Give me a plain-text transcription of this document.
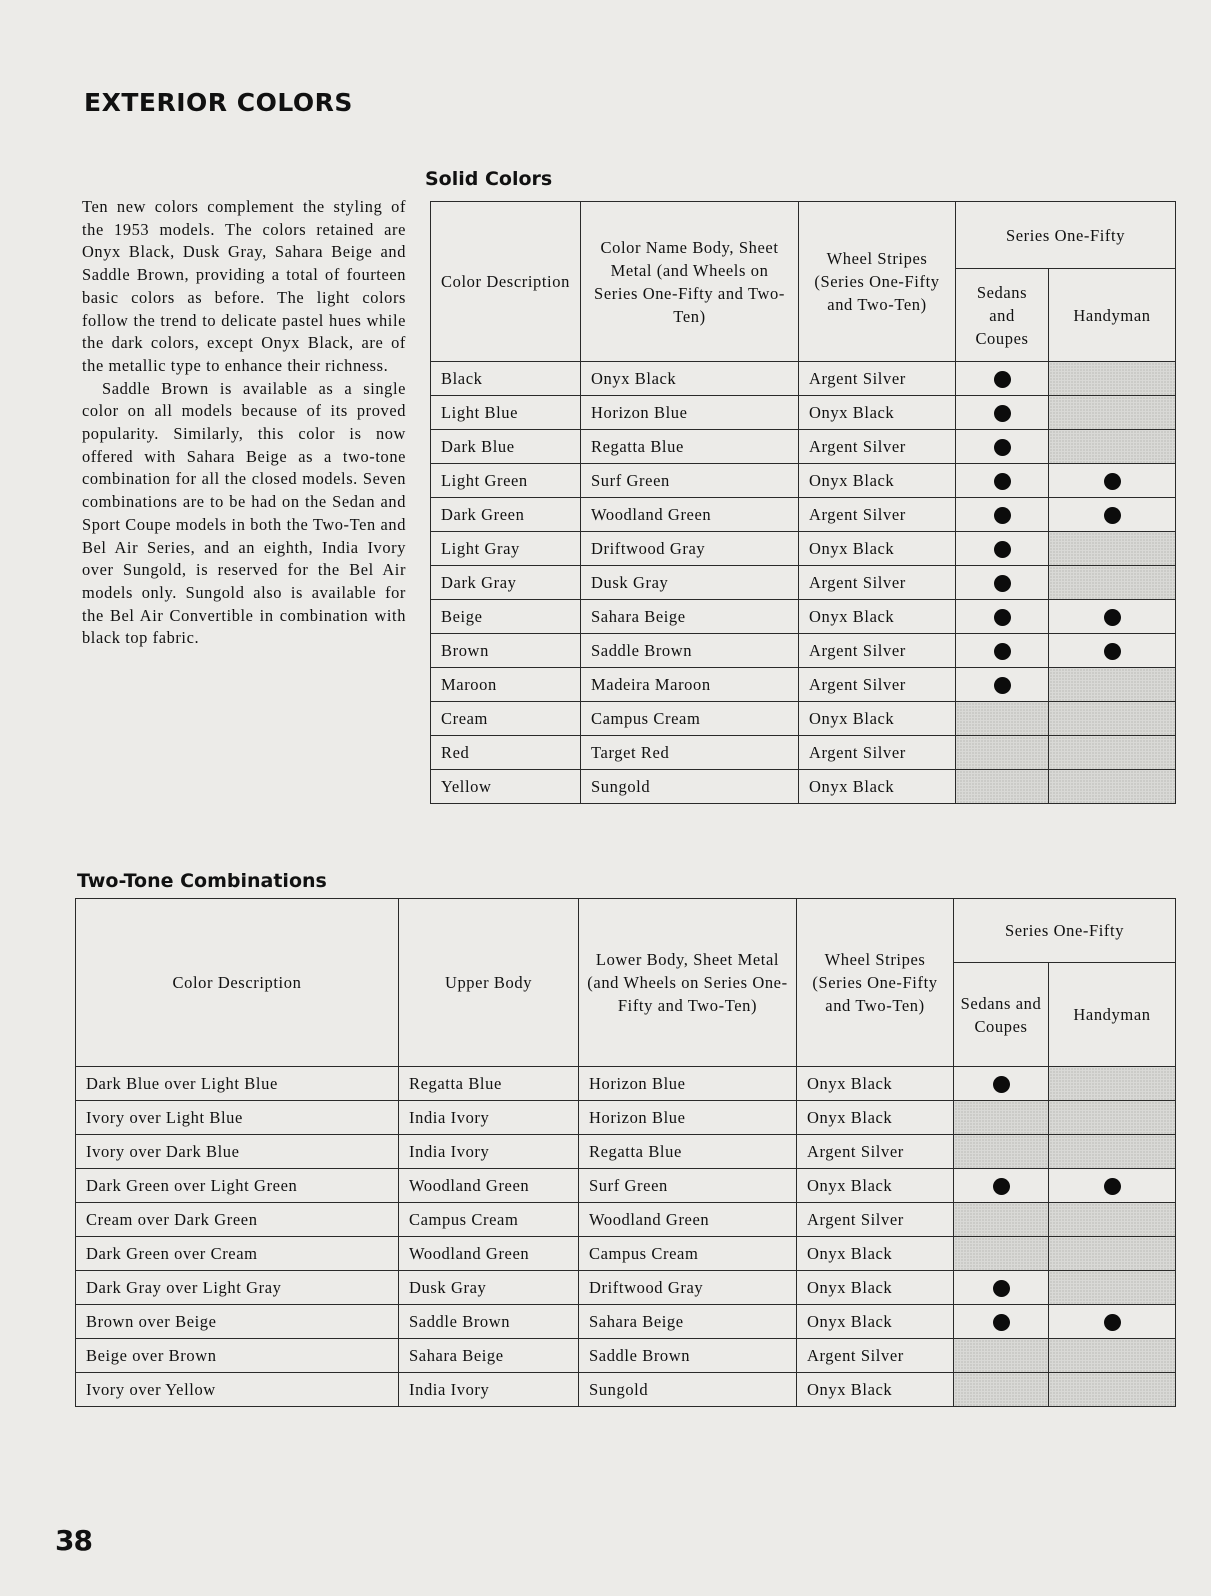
EXTERIOR COLORS

Ten new colors complement the styling of the 1953 models. The colors retained are Onyx Black, Dusk Gray, Sahara Beige and Saddle Brown, providing a total of fourteen basic colors as before. The light colors follow the trend to delicate pastel hues while the dark colors, except Onyx Black, are of the metallic type to enhance their richness.

Saddle Brown is available as a single color on all models because of its proved popularity. Similarly, this color is now offered with Sahara Beige as a two-tone combination for all the closed models. Seven combinations are to be had on the Sedan and Sport Coupe models in both the Two-Ten and Bel Air Series, and an eighth, India Ivory over Sungold, is reserved for the Bel Air models only. Sungold also is available for the Bel Air Convertible in combination with black top fabric.

Solid Colors
Color Description	Color Name Body, Sheet Metal (and Wheels on Series One-Fifty and Two-Ten)	Wheel Stripes (Series One-Fifty and Two-Ten)	Series One-Fifty	
			Sedans and Coupes	Handyman
Black	Onyx Black	Argent Silver		
Light Blue	Horizon Blue	Onyx Black		
Dark Blue	Regatta Blue	Argent Silver		
Light Green	Surf Green	Onyx Black		
Dark Green	Woodland Green	Argent Silver		
Light Gray	Driftwood Gray	Onyx Black		
Dark Gray	Dusk Gray	Argent Silver		
Beige	Sahara Beige	Onyx Black		
Brown	Saddle Brown	Argent Silver		
Maroon	Madeira Maroon	Argent Silver		
Cream	Campus Cream	Onyx Black		
Red	Target Red	Argent Silver		
Yellow	Sungold	Onyx Black		
Two-Tone Combinations
Color Description	Upper Body	Lower Body, Sheet Metal (and Wheels on Series One-Fifty and Two-Ten)	Wheel Stripes (Series One-Fifty and Two-Ten)	Series One-Fifty	
				Sedans and Coupes	Handyman
Dark Blue over Light Blue	Regatta Blue	Horizon Blue	Onyx Black		
Ivory over Light Blue	India Ivory	Horizon Blue	Onyx Black		
Ivory over Dark Blue	India Ivory	Regatta Blue	Argent Silver		
Dark Green over Light Green	Woodland Green	Surf Green	Onyx Black		
Cream over Dark Green	Campus Cream	Woodland Green	Argent Silver		
Dark Green over Cream	Woodland Green	Campus Cream	Onyx Black		
Dark Gray over Light Gray	Dusk Gray	Driftwood Gray	Onyx Black		
Brown over Beige	Saddle Brown	Sahara Beige	Onyx Black		
Beige over Brown	Sahara Beige	Saddle Brown	Argent Silver		
Ivory over Yellow	India Ivory	Sungold	Onyx Black		
38
